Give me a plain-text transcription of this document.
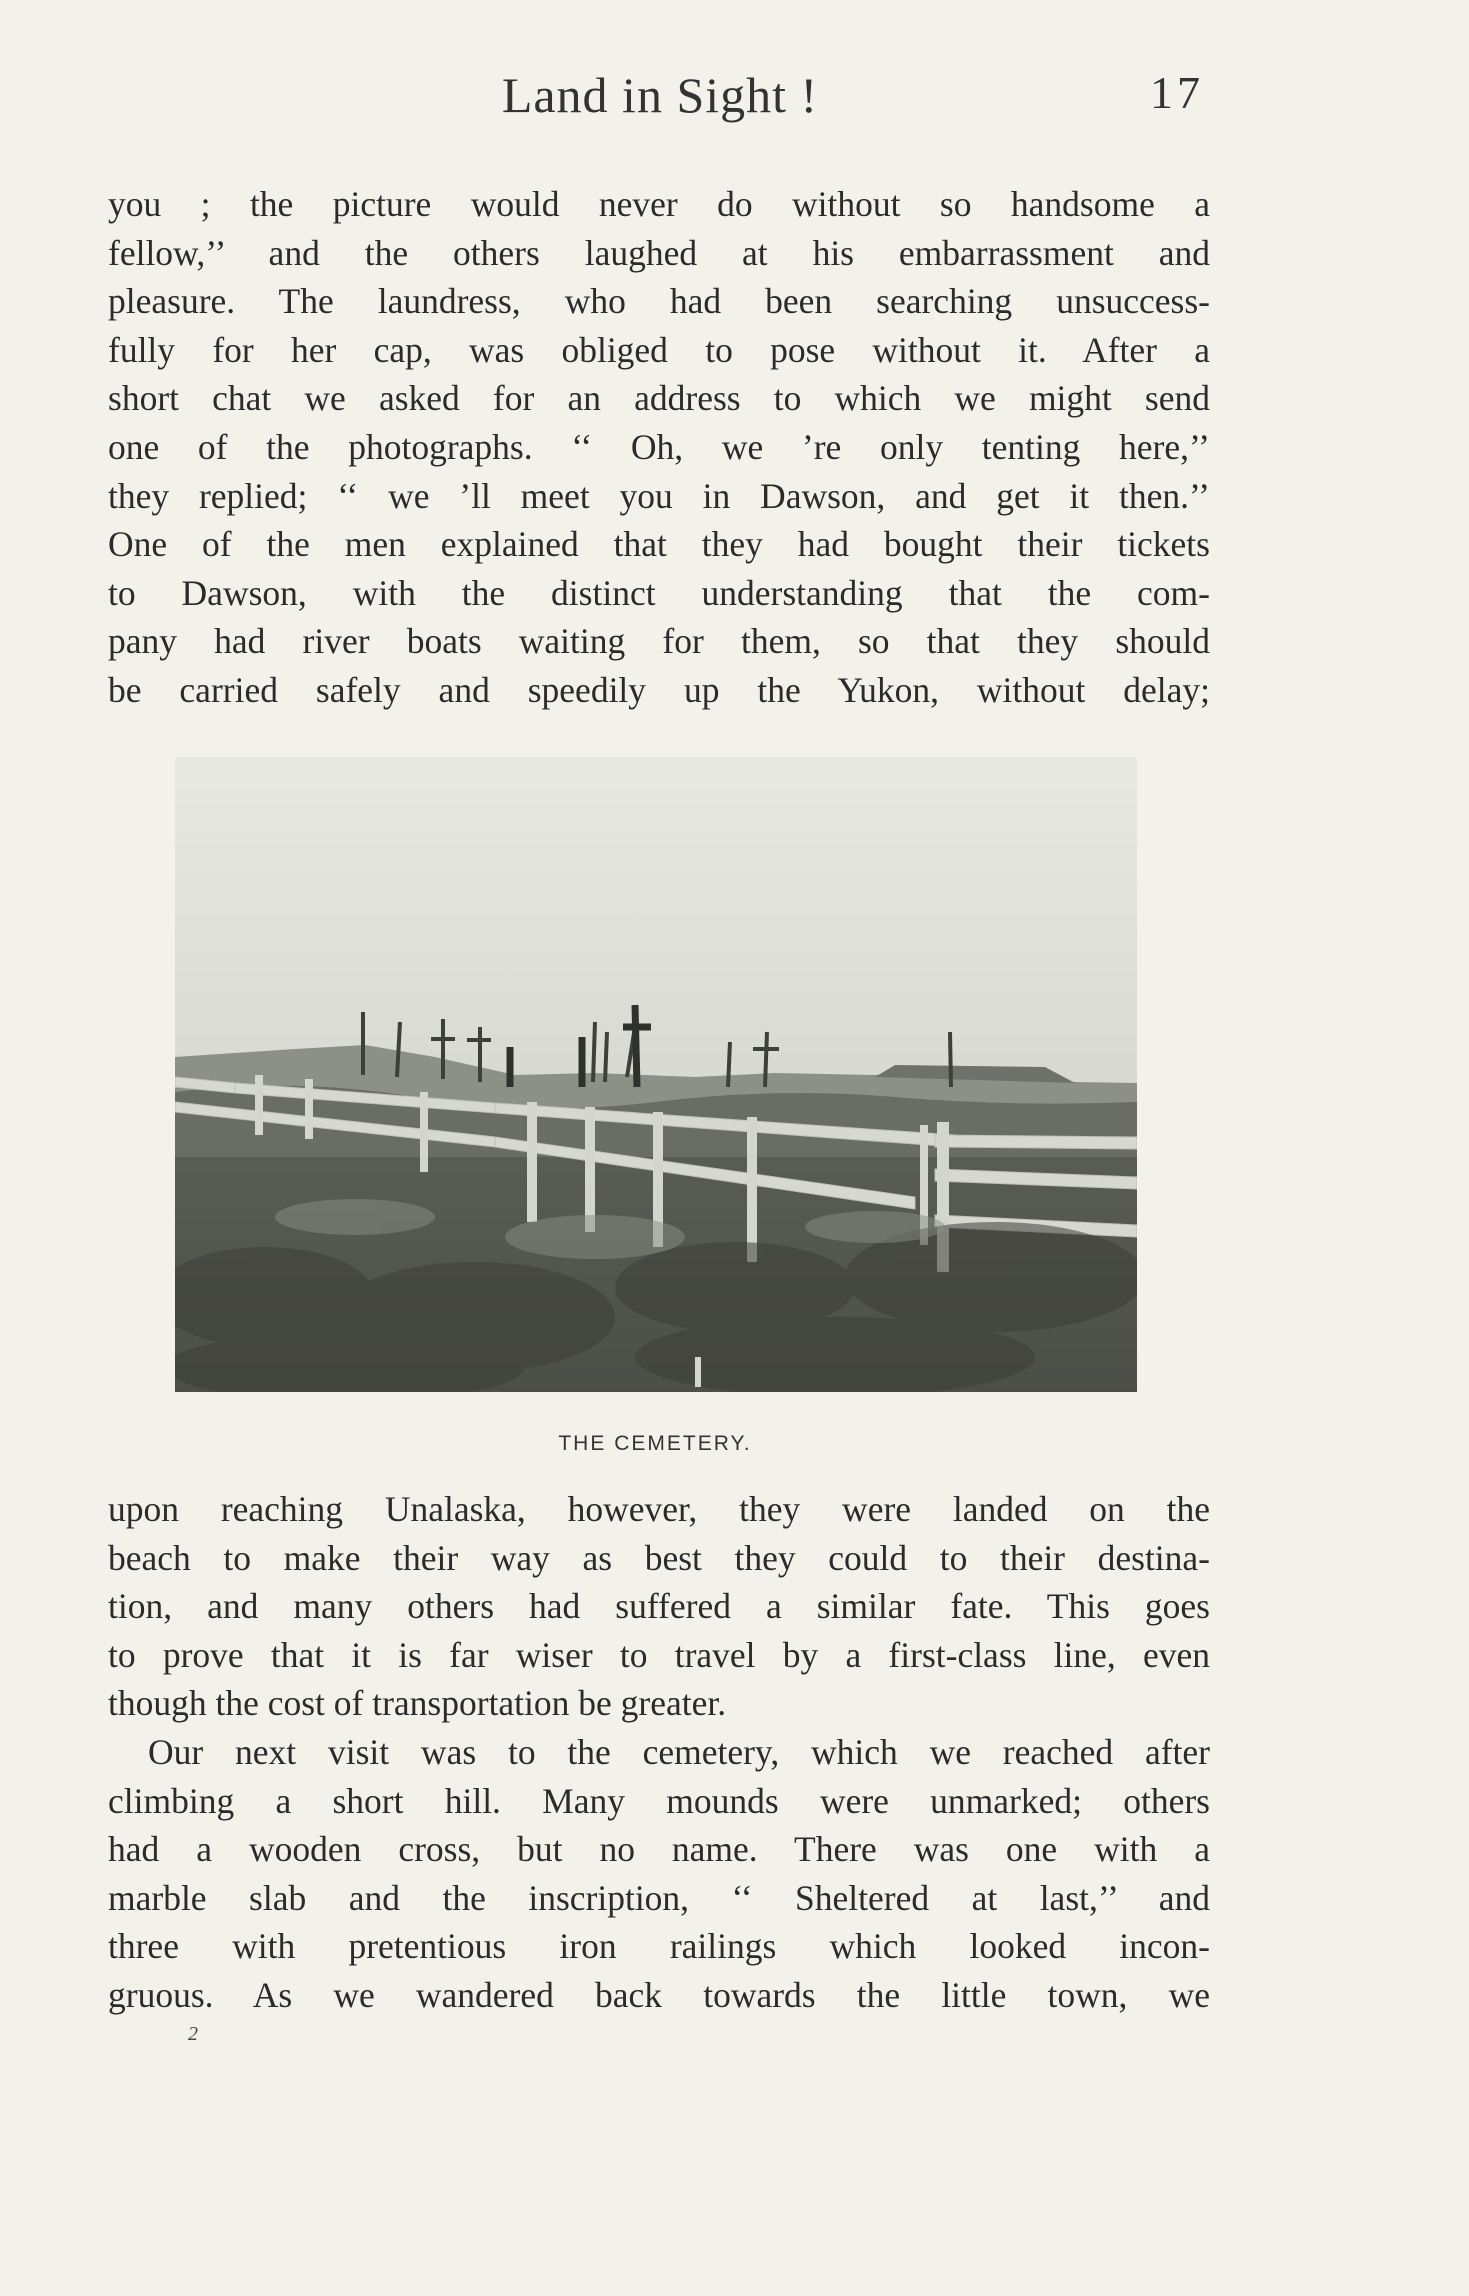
Land in Sight !	17
you ; the picture would never do without so handsome a
fellow,’’ and the others laughed at his embarrassment and
pleasure. The laundress, who had been searching unsuccess-
fully for her cap, was obliged to pose without it. After a
short chat we asked for an address to which we might send
one of the photographs. ‘‘ Oh, we ’re only tenting here,’’
they replied; ‘‘ we ’ll meet you in Dawson, and get it then.’’
One of the men explained that they had bought their tickets
to Dawson, with the distinct understanding that the com-
pany had river boats waiting for them, so that they should
be carried safely and speedily up the Yukon, without delay;
THE CEMETERY.
upon reaching Unalaska, however, they were landed on the
beach to make their way as best they could to their destina-
tion, and many others had suffered a similar fate. This goes
to prove that it is far wiser to travel by a first-class line, even
though the cost of transportation be greater.
Our next visit was to the cemetery, which we reached after
climbing a short hill. Many mounds were unmarked; others
had a wooden cross, but no name. There was one with a
marble slab and the inscription, ‘‘ Sheltered at last,’’ and
three with pretentious iron railings which looked incon-
gruous. As we wandered back towards the little town, we
2
